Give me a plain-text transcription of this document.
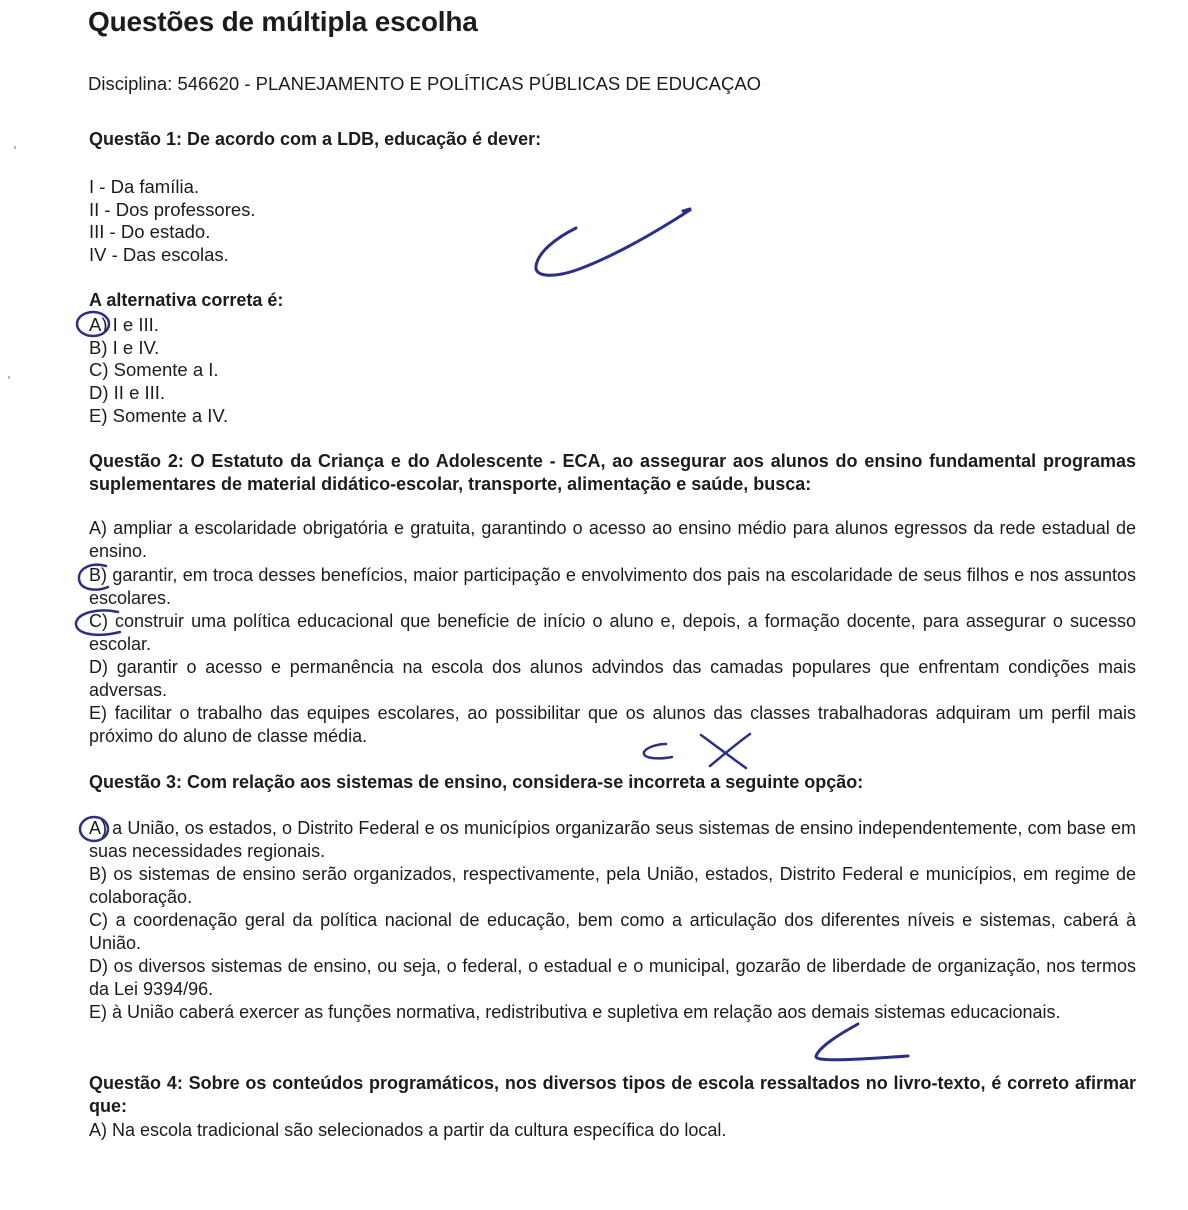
Questões de múltipla escolha
Disciplina: 546620 - PLANEJAMENTO E POLÍTICAS PÚBLICAS DE EDUCAÇAO
Questão 1: De acordo com a LDB, educação é dever:
I - Da família.
II - Dos professores.
III - Do estado.
IV - Das escolas.
A alternativa correta é:
A) I e III.
B) I e IV.
C) Somente a I.
D) II e III.
E) Somente a IV.
Questão 2: O Estatuto da Criança e do Adolescente - ECA, ao assegurar aos alunos do ensino fundamental programas suplementares de material didático-escolar, transporte, alimentação e saúde, busca:
A) ampliar a escolaridade obrigatória e gratuita, garantindo o acesso ao ensino médio para alunos egressos da rede estadual de ensino.
B) garantir, em troca desses benefícios, maior participação e envolvimento dos pais na escolaridade de seus filhos e nos assuntos escolares.
C) construir uma política educacional que beneficie de início o aluno e, depois, a formação docente, para assegurar o sucesso escolar.
D) garantir o acesso e permanência na escola dos alunos advindos das camadas populares que enfrentam condições mais adversas.
E) facilitar o trabalho das equipes escolares, ao possibilitar que os alunos das classes trabalhadoras adquiram um perfil mais próximo do aluno de classe média.
Questão 3: Com relação aos sistemas de ensino, considera-se incorreta a seguinte opção:
A) a União, os estados, o Distrito Federal e os municípios organizarão seus sistemas de ensino independentemente, com base em suas necessidades regionais.
B) os sistemas de ensino serão organizados, respectivamente, pela União, estados, Distrito Federal e municípios, em regime de colaboração.
C) a coordenação geral da política nacional de educação, bem como a articulação dos diferentes níveis e sistemas, caberá à União.
D) os diversos sistemas de ensino, ou seja, o federal, o estadual e o municipal, gozarão de liberdade de organização, nos termos da Lei 9394/96.
E) à União caberá exercer as funções normativa, redistributiva e supletiva em relação aos demais sistemas educacionais.
Questão 4: Sobre os conteúdos programáticos, nos diversos tipos de escola ressaltados no livro-texto, é correto afirmar que:
A) Na escola tradicional são selecionados a partir da cultura específica do local.
